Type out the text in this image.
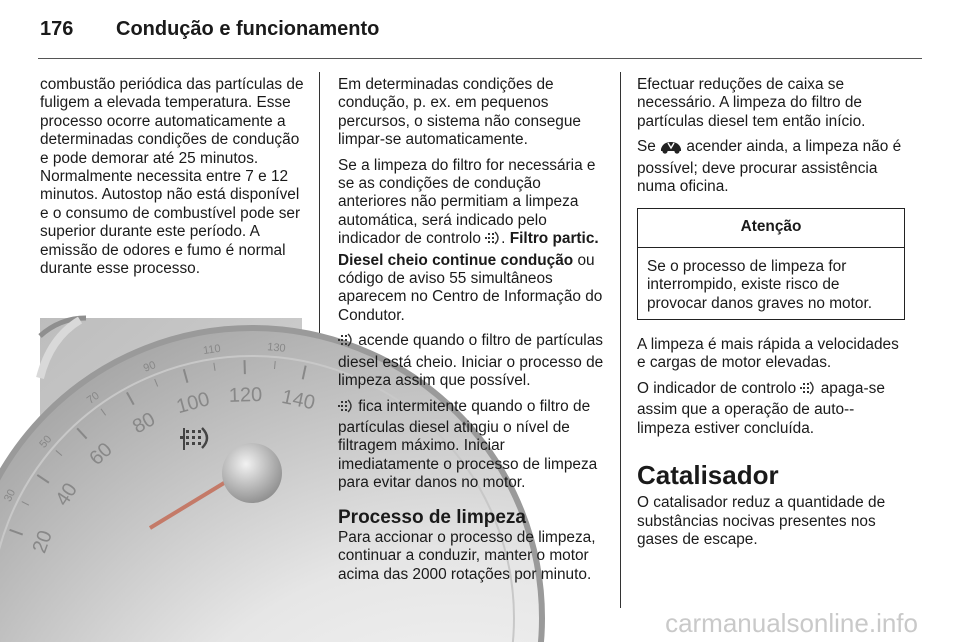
176 Condução e funcionamento

combustão periódica das partículas de fuligem a elevada temperatura. Esse processo ocorre automaticamente a determinadas condições de condução e pode demorar até 25 minutos. Normalmente necessita entre 7 e 12 minutos. Autostop não está disponível e o consumo de combustível pode ser superior durante este período. A emissão de odores e fumo é normal durante esse processo.

20
40
60
80
100 120 140
30
50
70
90
110	130

Em determinadas condições de condução, p. ex. em pequenos percursos, o sistema não consegue limpar-se automaticamente.

Se a limpeza do filtro for necessária e se as condições de condução anteriores não permitiam a limpeza automática, será indicado pelo indicador de controlo . Filtro partic. Diesel cheio continue condução ou código de aviso 55 simultâneos aparecem no Centro de Informação do Condutor.

acende quando o filtro de partículas diesel está cheio. Iniciar o processo de limpeza assim que possível.

fica intermitente quando o filtro de partículas diesel atingiu o nível de filtragem máximo. Iniciar imediatamente o processo de limpeza para evitar danos no motor.

Processo de limpeza

Para accionar o processo de limpeza, continuar a conduzir, manter o motor acima das 2000 rotações por minuto.

Efectuar reduções de caixa se necessário. A limpeza do filtro de partículas diesel tem então início.

Se  acender ainda, a limpeza não é possível; deve procurar assistência numa oficina.

Atenção
Se o processo de limpeza for interrompido, existe risco de provocar danos graves no motor.

A limpeza é mais rápida a velocidades e cargas de motor elevadas.

O indicador de controlo  apaga-se assim que a operação de auto--limpeza estiver concluída.

Catalisador

O catalisador reduz a quantidade de substâncias nocivas presentes nos gases de escape.

carmanualsonline.info
